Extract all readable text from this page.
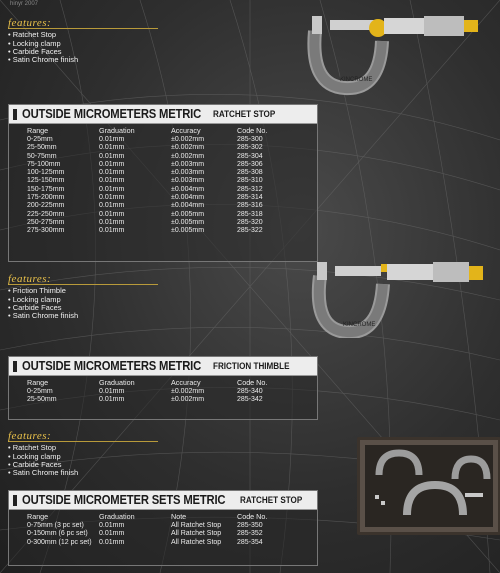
hinyr 2007
features:
• Ratchet Stop
• Locking clamp
• Carbide Faces
• Satin Chrome finish
KINCROME
OUTSIDE MICROMETERS METRIC RATCHET STOP
Range	Graduation	Accuracy	Code No.
0-25mm	0.01mm	±0.002mm	285-300
25-50mm	0.01mm	±0.002mm	285-302
50-75mm	0.01mm	±0.002mm	285-304
75-100mm	0.01mm	±0.003mm	285-306
100-125mm	0.01mm	±0.003mm	285-308
125-150mm	0.01mm	±0.003mm	285-310
150-175mm	0.01mm	±0.004mm	285-312
175-200mm	0.01mm	±0.004mm	285-314
200-225mm	0.01mm	±0.004mm	285-316
225-250mm	0.01mm	±0.005mm	285-318
250-275mm	0.01mm	±0.005mm	285-320
275-300mm	0.01mm	±0.005mm	285-322
features:
• Friction Thimble
• Locking clamp
• Carbide Faces
• Satin Chrome finish
KINCROME
OUTSIDE MICROMETERS METRIC FRICTION THIMBLE
Range	Graduation	Accuracy	Code No.
0-25mm	0.01mm	±0.002mm	285-340
25-50mm	0.01mm	±0.002mm	285-342
features:
• Ratchet Stop
• Locking clamp
• Carbide Faces
• Satin Chrome finish
OUTSIDE MICROMETER SETS METRIC RATCHET STOP
Range	Graduation	Note	Code No.
0-75mm (3 pc set)	0.01mm	All Ratchet Stop	285-350
0-150mm (6 pc set)	0.01mm	All Ratchet Stop	285-352
0-300mm (12 pc set)	0.01mm	All Ratchet Stop	285-354
